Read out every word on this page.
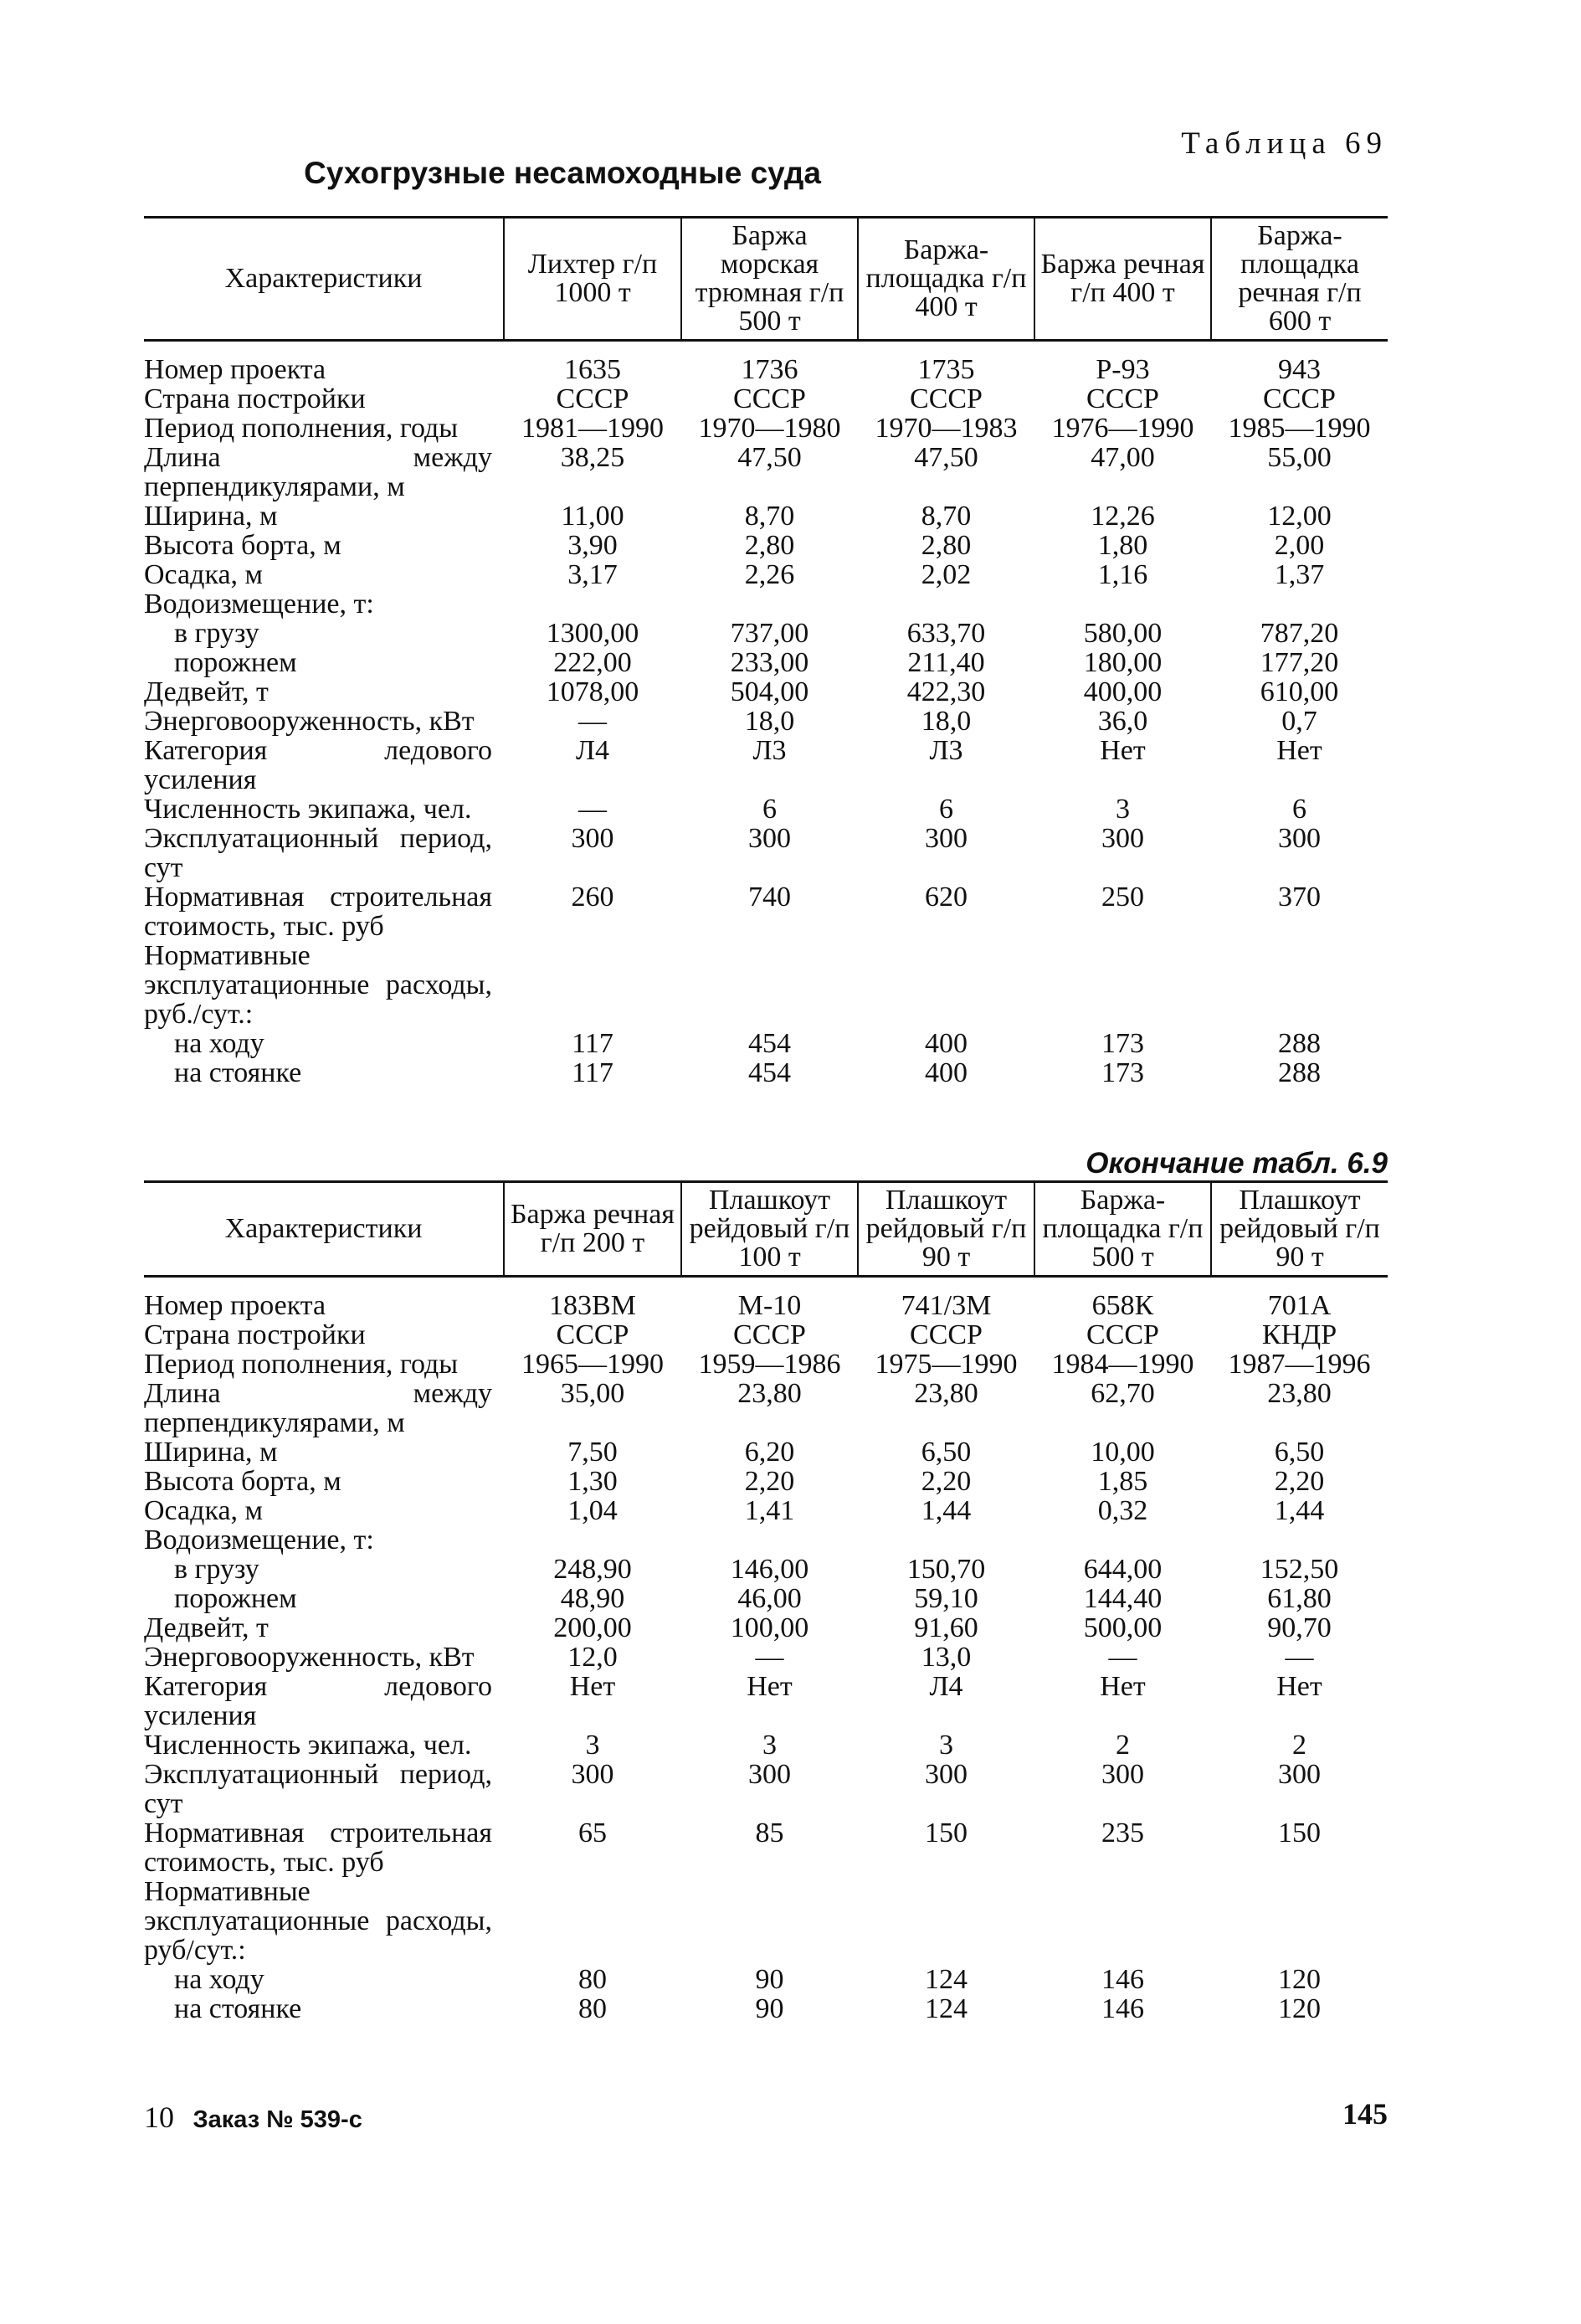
Таблица 69
Сухогрузные несамоходные суда
Характеристики	Лихтер г/п 1000 т	Баржа морская трюмная г/п 500 т	Баржа-площадка г/п 400 т	Баржа речная г/п 400 т	Баржа-площадка речная г/п 600 т
Номер проекта	1635	1736	1735	Р-93	943
Страна постройки	СССР	СССР	СССР	СССР	СССР
Период пополнения, годы	1981—1990	1970—1980	1970—1983	1976—1990	1985—1990
Длина между перпендикулярами, м	38,25	47,50	47,50	47,00	55,00
Ширина, м	11,00	8,70	8,70	12,26	12,00
Высота борта, м	3,90	2,80	2,80	1,80	2,00
Осадка, м	3,17	2,26	2,02	1,16	1,37
Водоизмещение, т:					
в грузу	1300,00	737,00	633,70	580,00	787,20
порожнем	222,00	233,00	211,40	180,00	177,20
Дедвейт, т	1078,00	504,00	422,30	400,00	610,00
Энерговооруженность, кВт	—	18,0	18,0	36,0	0,7
Категория ледового усиления	Л4	Л3	Л3	Нет	Нет
Численность экипажа, чел.	—	6	6	3	6
Эксплуатационный период, сут	300	300	300	300	300
Нормативная строительная стоимость, тыс. руб	260	740	620	250	370
Нормативные эксплуатационные расходы, руб./сут.:					
на ходу	117	454	400	173	288
на стоянке	117	454	400	173	288
Окончание табл. 6.9
Характеристики	Баржа речная г/п 200 т	Плашкоут рейдовый г/п 100 т	Плашкоут рейдовый г/п 90 т	Баржа-площадка г/п 500 т	Плашкоут рейдовый г/п 90 т
Номер проекта	183ВМ	М-10	741/3М	658К	701А
Страна постройки	СССР	СССР	СССР	СССР	КНДР
Период пополнения, годы	1965—1990	1959—1986	1975—1990	1984—1990	1987—1996
Длина между перпендикулярами, м	35,00	23,80	23,80	62,70	23,80
Ширина, м	7,50	6,20	6,50	10,00	6,50
Высота борта, м	1,30	2,20	2,20	1,85	2,20
Осадка, м	1,04	1,41	1,44	0,32	1,44
Водоизмещение, т:					
в грузу	248,90	146,00	150,70	644,00	152,50
порожнем	48,90	46,00	59,10	144,40	61,80
Дедвейт, т	200,00	100,00	91,60	500,00	90,70
Энерговооруженность, кВт	12,0	—	13,0	—	—
Категория ледового усиления	Нет	Нет	Л4	Нет	Нет
Численность экипажа, чел.	3	3	3	2	2
Эксплуатационный период, сут	300	300	300	300	300
Нормативная строительная стоимость, тыс. руб	65	85	150	235	150
Нормативные эксплуатационные расходы, руб/сут.:					
на ходу	80	90	124	146	120
на стоянке	80	90	124	146	120
10 Заказ № 539-с	145
